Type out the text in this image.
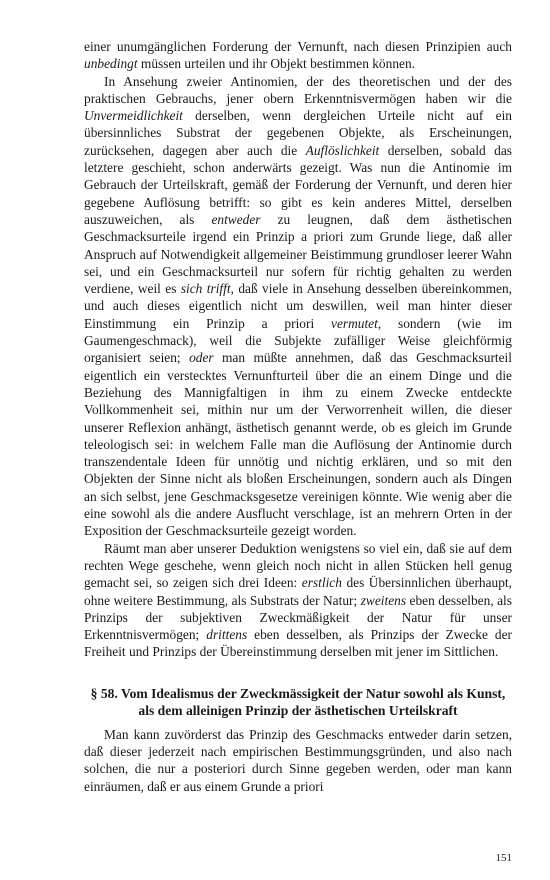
einer unumgänglichen Forderung der Vernunft, nach diesen Prinzipien auch unbedingt müssen urteilen und ihr Objekt bestimmen können.

In Ansehung zweier Antinomien, der des theoretischen und der des praktischen Gebrauchs, jener obern Erkenntnisvermögen haben wir die Unvermeidlichkeit derselben, wenn dergleichen Urteile nicht auf ein übersinnliches Substrat der gegebenen Objekte, als Erscheinungen, zurücksehen, dagegen aber auch die Auflöslichkeit derselben, sobald das letztere geschieht, schon anderwärts gezeigt. Was nun die Antinomie im Gebrauch der Urteilskraft, gemäß der Forderung der Vernunft, und deren hier gegebene Auflösung betrifft: so gibt es kein anderes Mittel, derselben auszuweichen, als entweder zu leugnen, daß dem ästhetischen Geschmacksurteile irgend ein Prinzip a priori zum Grunde liege, daß aller Anspruch auf Notwendigkeit allgemeiner Beistimmung grundloser leerer Wahn sei, und ein Geschmacksurteil nur sofern für richtig gehalten zu werden verdiene, weil es sich trifft, daß viele in Ansehung desselben übereinkommen, und auch dieses eigentlich nicht um deswillen, weil man hinter dieser Einstimmung ein Prinzip a priori vermutet, sondern (wie im Gaumengeschmack), weil die Subjekte zufälliger Weise gleichförmig organisiert seien; oder man müßte annehmen, daß das Geschmacksurteil eigentlich ein verstecktes Vernunfturteil über die an einem Dinge und die Beziehung des Mannigfaltigen in ihm zu einem Zwecke entdeckte Vollkommenheit sei, mithin nur um der Verworrenheit willen, die dieser unserer Reflexion anhängt, ästhetisch genannt werde, ob es gleich im Grunde teleologisch sei: in welchem Falle man die Auflösung der Antinomie durch transzendentale Ideen für unnötig und nichtig erklären, und so mit den Objekten der Sinne nicht als bloßen Erscheinungen, sondern auch als Dingen an sich selbst, jene Geschmacksgesetze vereinigen könnte. Wie wenig aber die eine sowohl als die andere Ausflucht verschlage, ist an mehrern Orten in der Exposition der Geschmacksurteile gezeigt worden.

Räumt man aber unserer Deduktion wenigstens so viel ein, daß sie auf dem rechten Wege geschehe, wenn gleich noch nicht in allen Stücken hell genug gemacht sei, so zeigen sich drei Ideen: erstlich des Übersinnlichen überhaupt, ohne weitere Bestimmung, als Substrats der Natur; zweitens eben desselben, als Prinzips der subjektiven Zweckmäßigkeit der Natur für unser Erkenntnisvermögen; drittens eben desselben, als Prinzips der Zwecke der Freiheit und Prinzips der Übereinstimmung derselben mit jener im Sittlichen.

§ 58. Vom Idealismus der Zweckmässigkeit der Natur sowohl als Kunst, als dem alleinigen Prinzip der ästhetischen Urteilskraft

Man kann zuvörderst das Prinzip des Geschmacks entweder darin setzen, daß dieser jederzeit nach empirischen Bestimmungsgründen, und also nach solchen, die nur a posteriori durch Sinne gegeben werden, oder man kann einräumen, daß er aus einem Grunde a priori

151
